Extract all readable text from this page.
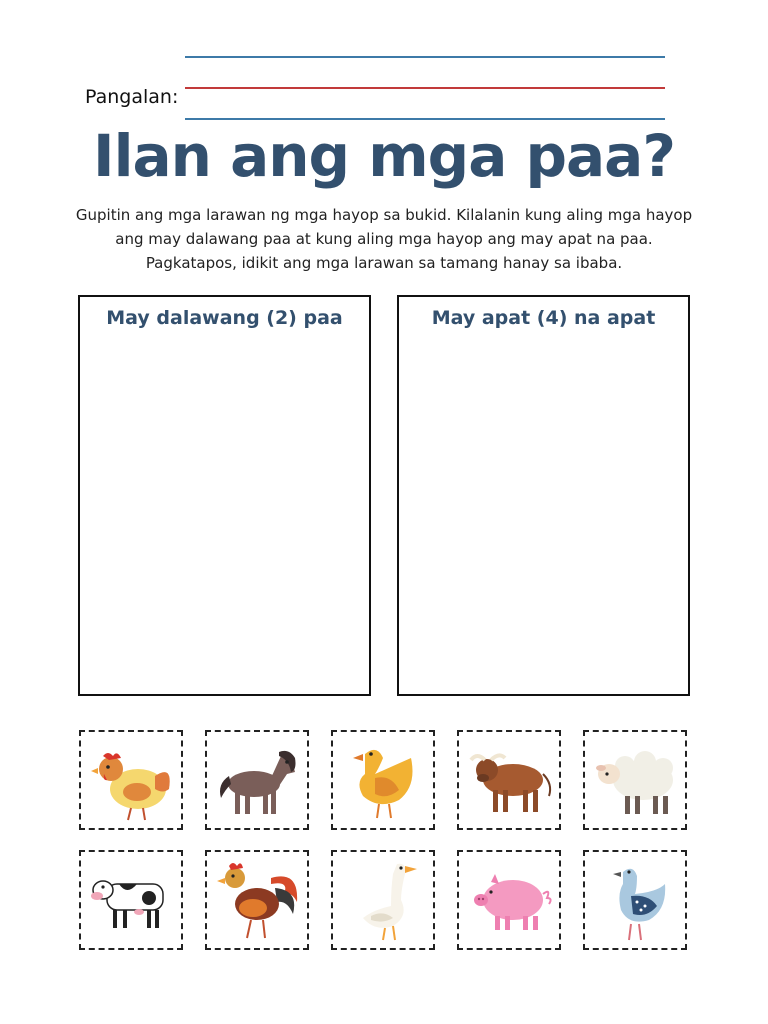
Pangalan:
Ilan ang mga paa?
Gupitin ang mga larawan ng mga hayop sa bukid. Kilalanin kung aling mga hayop ang may dalawang paa at kung aling mga hayop ang may apat na paa. Pagkatapos, idikit ang mga larawan sa tamang hanay sa ibaba.
May dalawang (2) paa	May apat (4) na apat
